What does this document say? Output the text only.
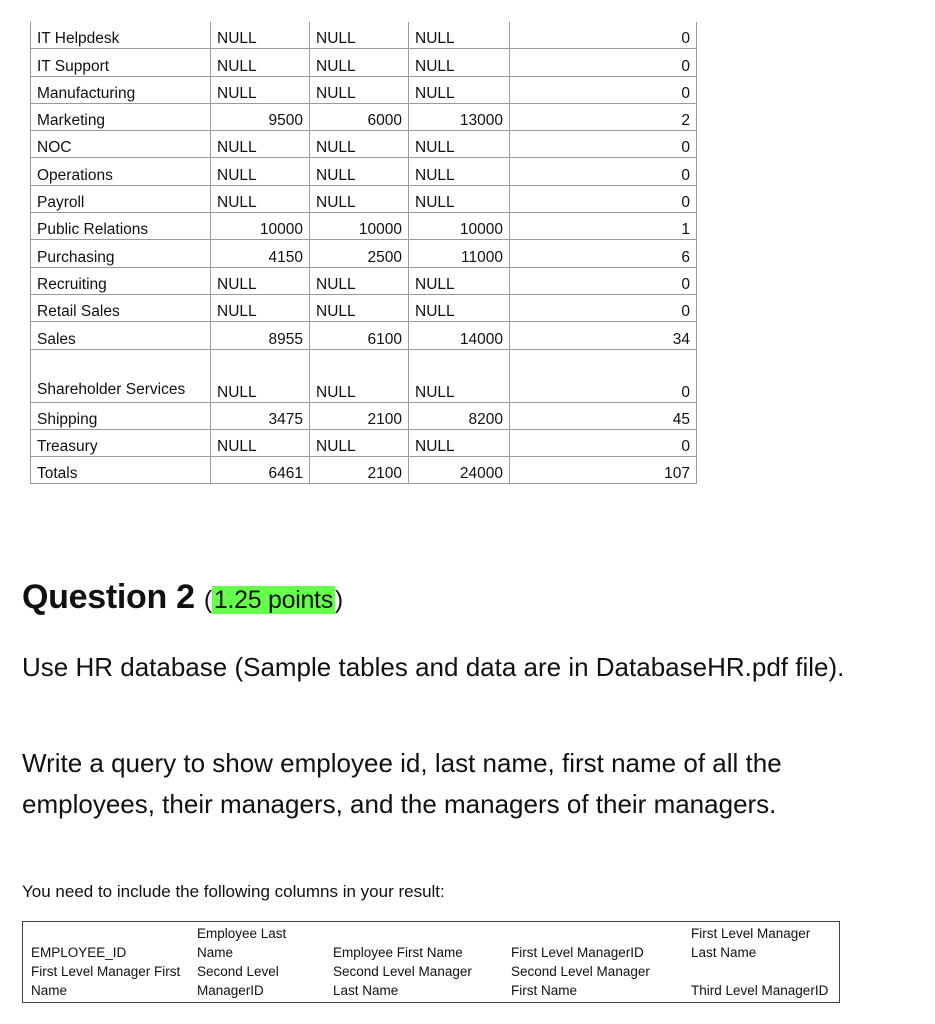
IT Helpdesk	NULL	NULL	NULL	0
IT Support	NULL	NULL	NULL	0
Manufacturing	NULL	NULL	NULL	0
Marketing	9500	6000	13000	2
NOC	NULL	NULL	NULL	0
Operations	NULL	NULL	NULL	0
Payroll	NULL	NULL	NULL	0
Public Relations	10000	10000	10000	1
Purchasing	4150	2500	11000	6
Recruiting	NULL	NULL	NULL	0
Retail Sales	NULL	NULL	NULL	0
Sales	8955	6100	14000	34
Shareholder Services	NULL	NULL	NULL	0
Shipping	3475	2100	8200	45
Treasury	NULL	NULL	NULL	0
Totals	6461	2100	24000	107
Question 2 (1.25 points)

Use HR database (Sample tables and data are in DatabaseHR.pdf file).

Write a query to show employee id, last name, first name of all the employees, their managers, and the managers of their managers.

You need to include the following columns in your result:

EMPLOYEE_ID	Employee Last Name	Employee First Name	First Level ManagerID	First Level Manager Last Name
First Level Manager First Name	Second Level ManagerID	Second Level Manager Last Name	Second Level Manager First Name	Third Level ManagerID
